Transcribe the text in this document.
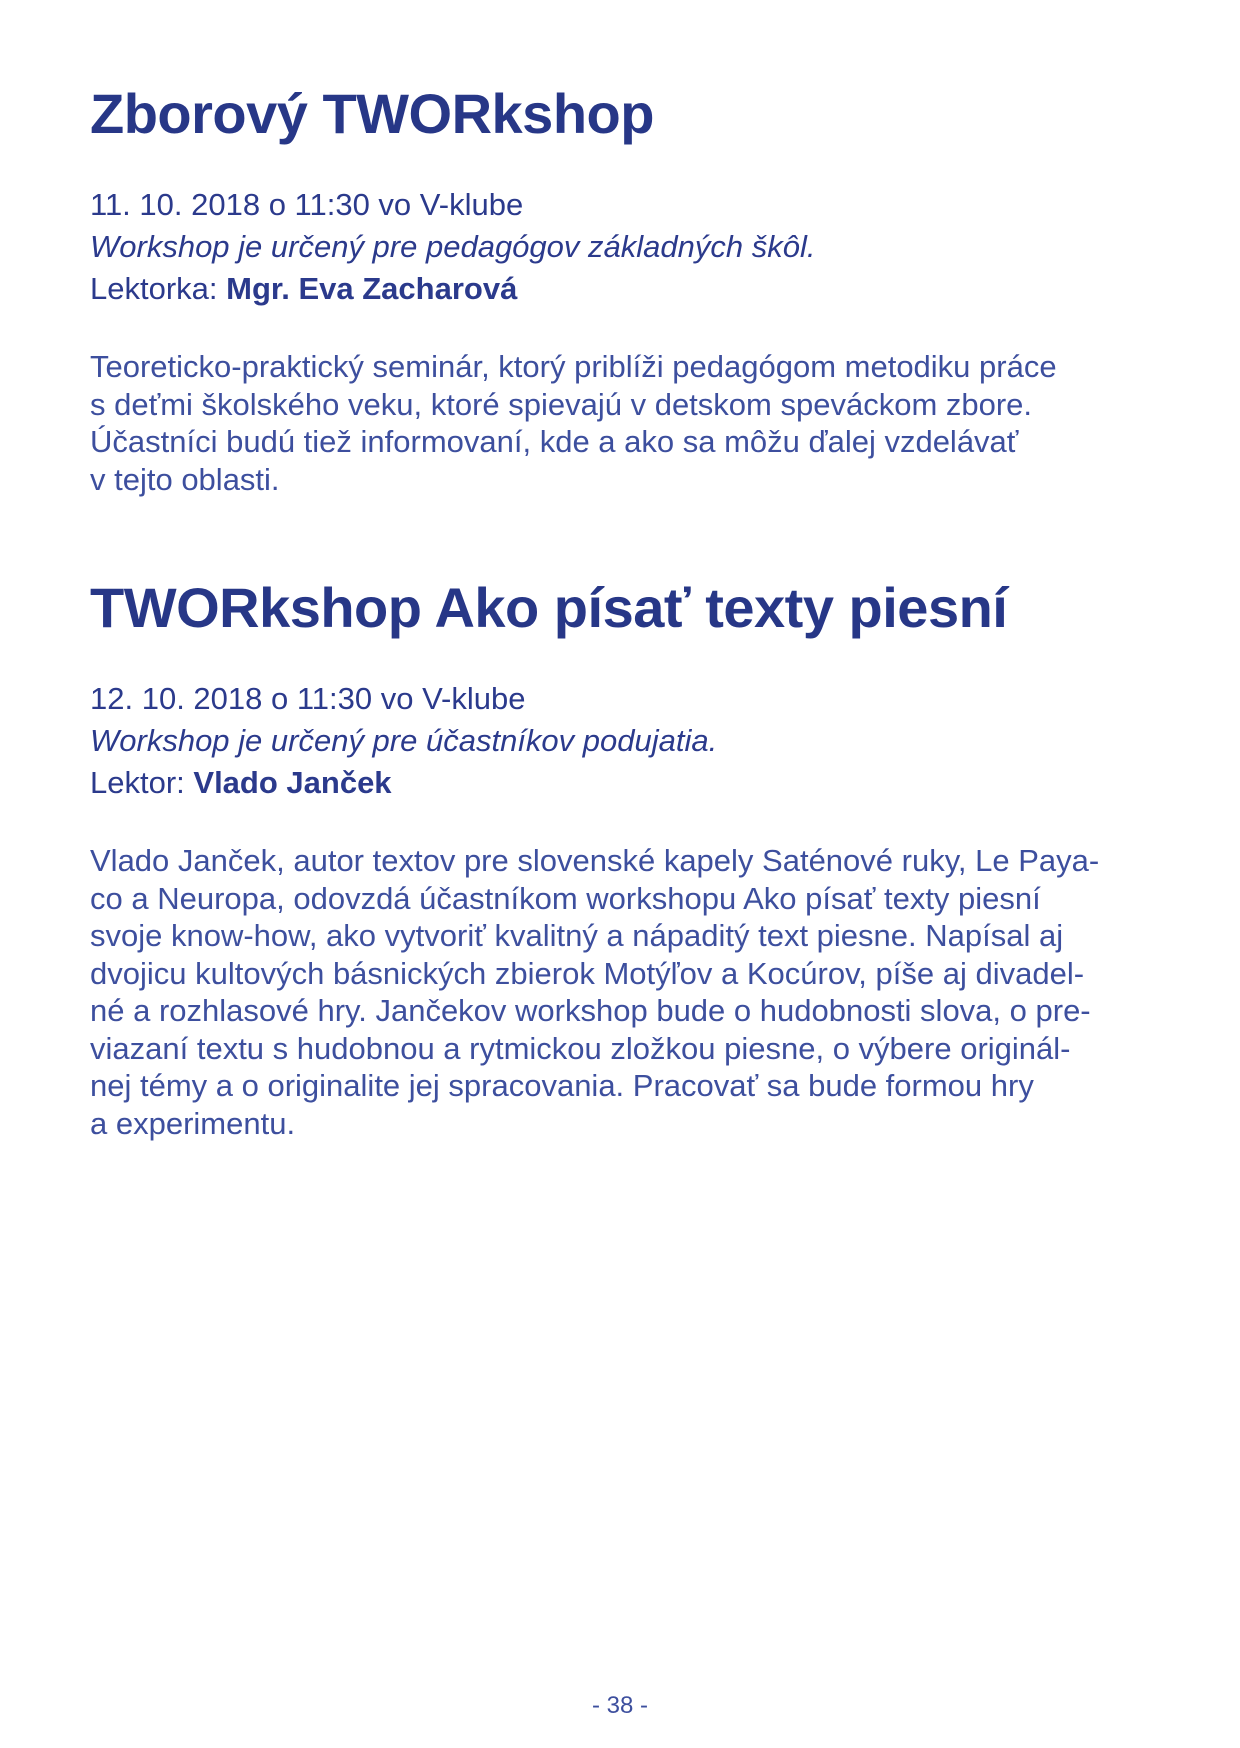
Zborový TWORkshop
11. 10. 2018 o 11:30 vo V-klube
Workshop je určený pre pedagógov základných škôl.
Lektorka: Mgr. Eva Zacharová
Teoreticko-praktický seminár, ktorý priblíži pedagógom metodiku práce
s deťmi školského veku, ktoré spievajú v detskom speváckom zbore.
Účastníci budú tiež informovaní, kde a ako sa môžu ďalej vzdelávať
v tejto oblasti.
TWORkshop Ako písať texty piesní
12. 10. 2018 o 11:30 vo V-klube
Workshop je určený pre účastníkov podujatia.
Lektor: Vlado Janček
Vlado Janček, autor textov pre slovenské kapely Saténové ruky, Le Paya-
co a Neuropa, odovzdá účastníkom workshopu Ako písať texty piesní
svoje know-how, ako vytvoriť kvalitný a nápaditý text piesne. Napísal aj
dvojicu kultových básnických zbierok Motýľov a Kocúrov, píše aj divadel-
né a rozhlasové hry. Jančekov workshop bude o hudobnosti slova, o pre-
viazaní textu s hudobnou a rytmickou zložkou piesne, o výbere originál-
nej témy a o originalite jej spracovania. Pracovať sa bude formou hry
a experimentu.
- 38 -
